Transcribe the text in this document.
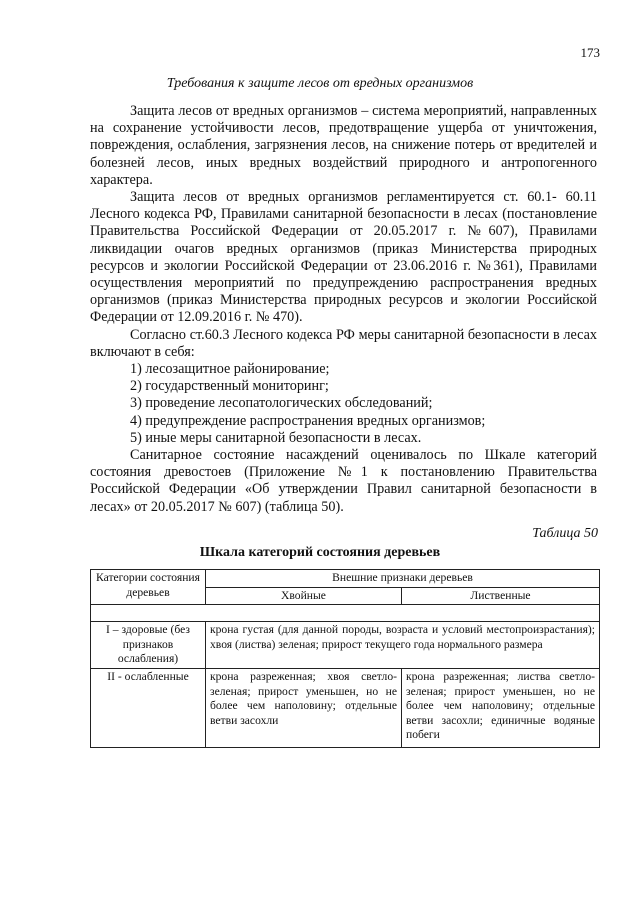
173
Требования к защите лесов от вредных организмов

Защита лесов от вредных организмов – система мероприятий, направленных на сохранение устойчивости лесов, предотвращение ущерба от уничтожения, повреждения, ослабления, загрязнения лесов, на снижение потерь от вредителей и болезней лесов, иных вредных воздействий природного и антропогенного характера.

Защита лесов от вредных организмов регламентируется ст. 60.1- 60.11 Лесного кодекса РФ, Правилами санитарной безопасности в лесах (постановление Правительства Российской Федерации от 20.05.2017 г. №607), Правилами ликвидации очагов вредных организмов (приказ Министерства природных ресурсов и экологии Российской Федерации от 23.06.2016 г. №361), Правилами осуществления мероприятий по предупреждению распространения вредных организмов (приказ Министерства природных ресурсов и экологии Российской Федерации от 12.09.2016 г. № 470).

Согласно ст.60.3 Лесного кодекса РФ меры санитарной безопасности в лесах включают в себя:

1) лесозащитное районирование;
2) государственный мониторинг;
3) проведение лесопатологических обследований;
4) предупреждение распространения вредных организмов;
5) иные меры санитарной безопасности в лесах.

Санитарное состояние насаждений оценивалось по Шкале категорий состояния древостоев (Приложение №1 к постановлению Правительства Российской Федерации «Об утверждении Правил санитарной безопасности в лесах» от 20.05.2017 № 607) (таблица 50).

Таблица 50
Шкала категорий состояния деревьев
Категории состояния деревьев	Внешние признаки деревьев	
	Хвойные	Лиственные

I – здоровые (без признаков ослабления)	крона густая (для данной породы, возраста и условий местопроизрастания); хвоя (листва) зеленая; прирост текущего года нормального размера	
II - ослабленные	крона разреженная; хвоя светло-зеленая; прирост уменьшен, но не более чем наполовину; отдельные ветви засохли	крона разреженная; листва светло-зеленая; прирост уменьшен, но не более чем наполовину; отдельные ветви засохли; единичные водяные побеги
